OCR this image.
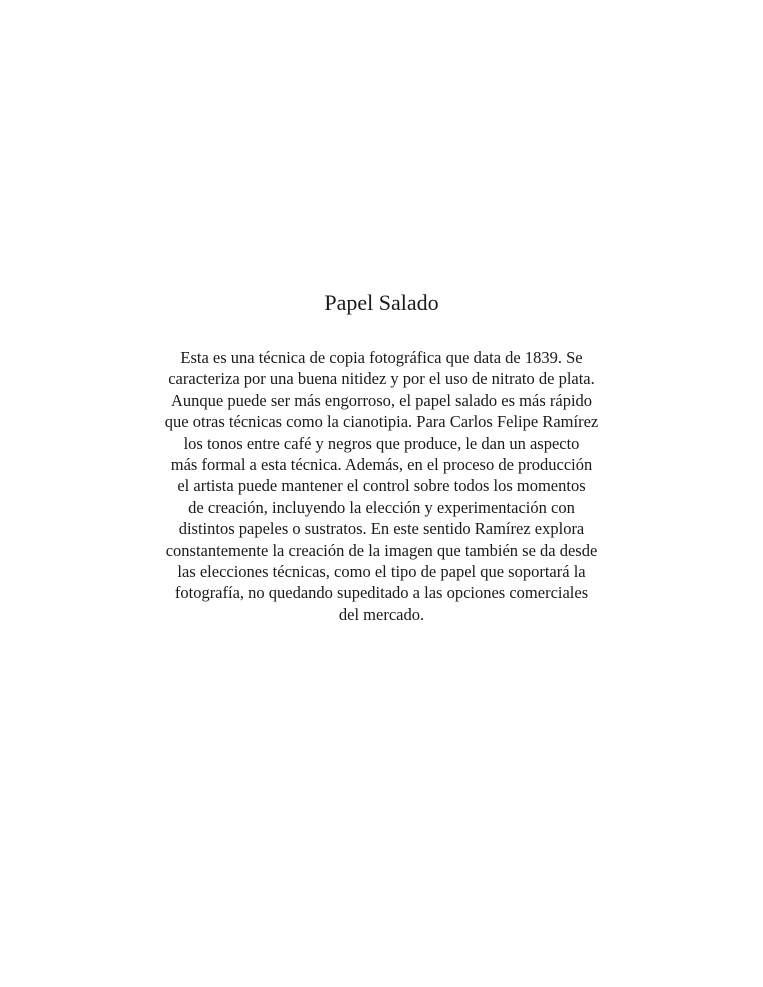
Papel Salado

Esta es una técnica de copia fotográfica que data de 1839. Se
caracteriza por una buena nitidez y por el uso de nitrato de plata.
Aunque puede ser más engorroso, el papel salado es más rápido
que otras técnicas como la cianotipia. Para Carlos Felipe Ramírez
los tonos entre café y negros que produce, le dan un aspecto
más formal a esta técnica. Además, en el proceso de producción
el artista puede mantener el control sobre todos los momentos
de creación, incluyendo la elección y experimentación con
distintos papeles o sustratos. En este sentido Ramírez explora
constantemente la creación de la imagen que también se da desde
las elecciones técnicas, como el tipo de papel que soportará la
fotografía, no quedando supeditado a las opciones comerciales
del mercado.
